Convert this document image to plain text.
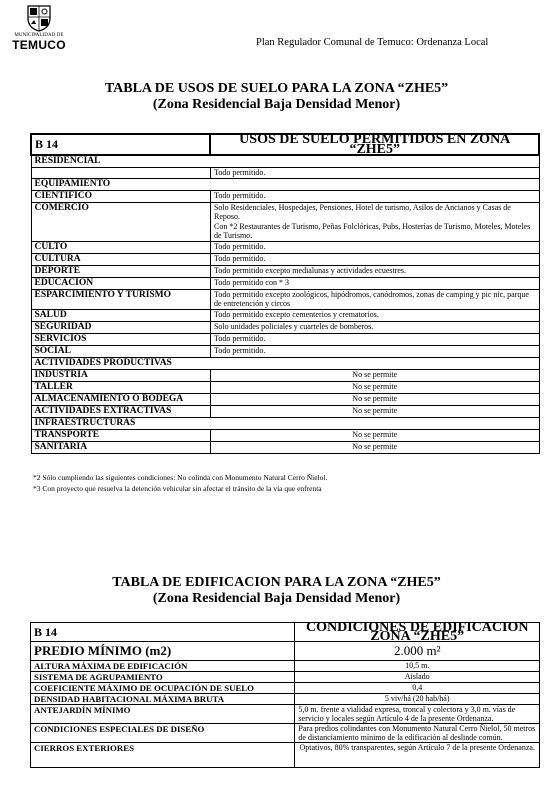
MUNICIPALIDAD DE
TEMUCO	Plan Regulador Comunal de Temuco: Ordenanza Local
TABLA DE USOS DE SUELO PARA LA ZONA “ZHE5”
(Zona Residencial Baja Densidad Menor)
B 14	USOS DE SUELO PERMITIDOS EN ZONA “ZHE5”
RESIDENCIAL	
	Todo permitido.
EQUIPAMIENTO	
CIENTIFICO	Todo permitido.
COMERCIO	Solo Residenciales, Hospedajes, Pensiones, Hotel de turismo, Asilos de Ancianos y Casas de Reposo.
Con *2 Restaurantes de Turismo, Peñas Folclóricas, Pubs, Hosterías de Turismo, Moteles, Moteles de Turismo.
CULTO	Todo permitido.
CULTURA	Todo permitido.
DEPORTE	Todo permitido excepto medialunas y actividades ecuestres.
EDUCACION	Todo permitido con * 3
ESPARCIMIENTO Y TURISMO	Todo permitido excepto zoológicos, hipódromos, canódromos, zonas de camping y pic nic, parque de entretención y circos
SALUD	Todo permitido excepto cementerios y crematorios.
SEGURIDAD	Solo unidades policiales y cuarteles de bomberos.
SERVICIOS	Todo permitido.
SOCIAL	Todo permitido.
ACTIVIDADES PRODUCTIVAS	
INDUSTRIA	No se permite
TALLER	No se permite
ALMACENAMIENTO O BODEGA	No se permite
ACTIVIDADES EXTRACTIVAS	No se permite
INFRAESTRUCTURAS	
TRANSPORTE	No se permite
SANITARIA	No se permite
*2 Sólo cumpliendo las siguientes condiciones: No colinda con Monumento Natural Cerro Ñielol.
*3 Con proyecto que resuelva la detención vehicular sin afectar el tránsito de la vía que enfrenta
TABLA DE EDIFICACION PARA LA ZONA “ZHE5”
(Zona Residencial Baja Densidad Menor)
B 14	CONDICIONES DE EDIFICACION ZONA “ZHE5”
PREDIO MÍNIMO (m2)	2.000 m²
ALTURA MÁXIMA DE EDIFICACIÓN	10,5 m.
SISTEMA DE AGRUPAMIENTO	Aislado
COEFICIENTE MÁXIMO DE OCUPACIÓN DE SUELO	0,4
DENSIDAD HABITACIONAL MÁXIMA BRUTA	5 viv/há (20 hab/há)
ANTEJARDÍN MÍNIMO	5,0 m. frente a vialidad expresa, troncal y colectora y 3,0 m. vías de servicio y locales según Artículo 4 de la presente Ordenanza.
CONDICIONES ESPECIALES DE DISEÑO	Para predios colindantes con Monumento Natural Cerro Ñielol, 50 metros de distanciamiento mínimo de la edificación al deslinde común.
CIERROS EXTERIORES	Optativos, 80% transparentes, según Artículo 7 de la presente Ordenanza.
